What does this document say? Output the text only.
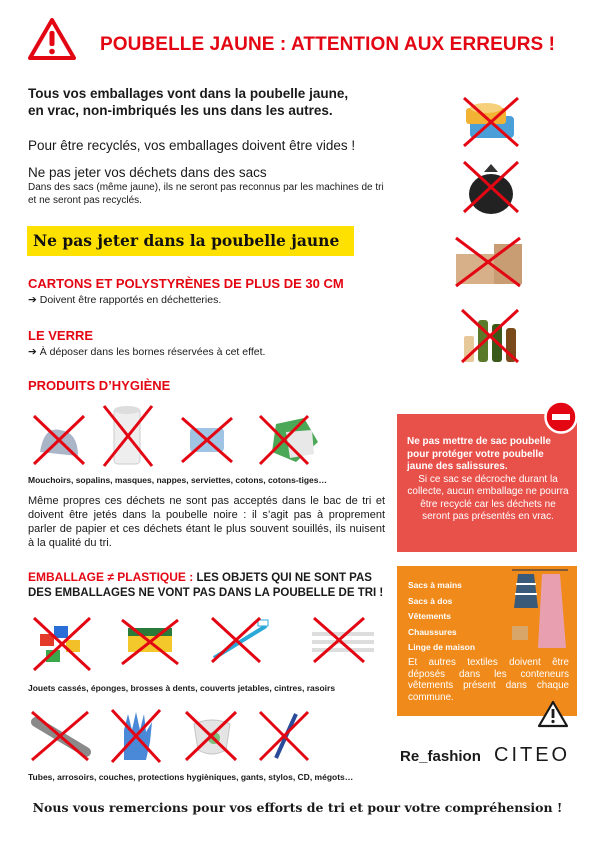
POUBELLE JAUNE : ATTENTION AUX ERREURS !
Tous vos emballages vont dans la poubelle jaune,
en vrac, non-imbriqués les uns dans les autres.
Pour être recyclés, vos emballages doivent être vides !
Ne pas jeter vos déchets dans des sacs
Dans des sacs (même jaune), ils ne seront pas reconnus par les machines de tri et ne seront pas recyclés.
Ne pas jeter dans la poubelle jaune
CARTONS ET POLYSTYRÈNES DE PLUS DE 30 CM
➔ Doivent être rapportés en déchetteries.
LE VERRE
➔ À déposer dans les bornes réservées à cet effet.
PRODUITS D’HYGIÈNE
Mouchoirs, sopalins, masques, nappes, serviettes, cotons, cotons-tiges…
Même propres ces déchets ne sont pas acceptés dans le bac de tri et doivent être jetés dans la poubelle noire : il s’agit pas à proprement parler de papier et ces déchets étant le plus souvent souillés, ils nuisent à la qualité du tri.
Ne pas mettre de sac poubelle pour protéger votre poubelle jaune des salissures.
Si ce sac se décroche durant la collecte, aucun emballage ne pourra être recyclé car les déchets ne seront pas présentés en vrac.
EMBALLAGE ≠ PLASTIQUE : LES OBJETS QUI NE SONT PAS DES EMBALLAGES NE VONT PAS DANS LA POUBELLE DE TRI !
Jouets cassés, éponges, brosses à dents, couverts jetables, cintres, rasoirs
Tubes, arrosoirs, couches, protections hygièniques, gants, stylos, CD, mégots…
Sacs à mains
Sacs à dos
Vêtements
Chaussures
Linge de maison
Et autres textiles doivent être déposés dans les conteneurs vêtements présent dans chaque commune.
Re_fashion CITEO
Nous vous remercions pour vos efforts de tri et pour votre compréhension !
